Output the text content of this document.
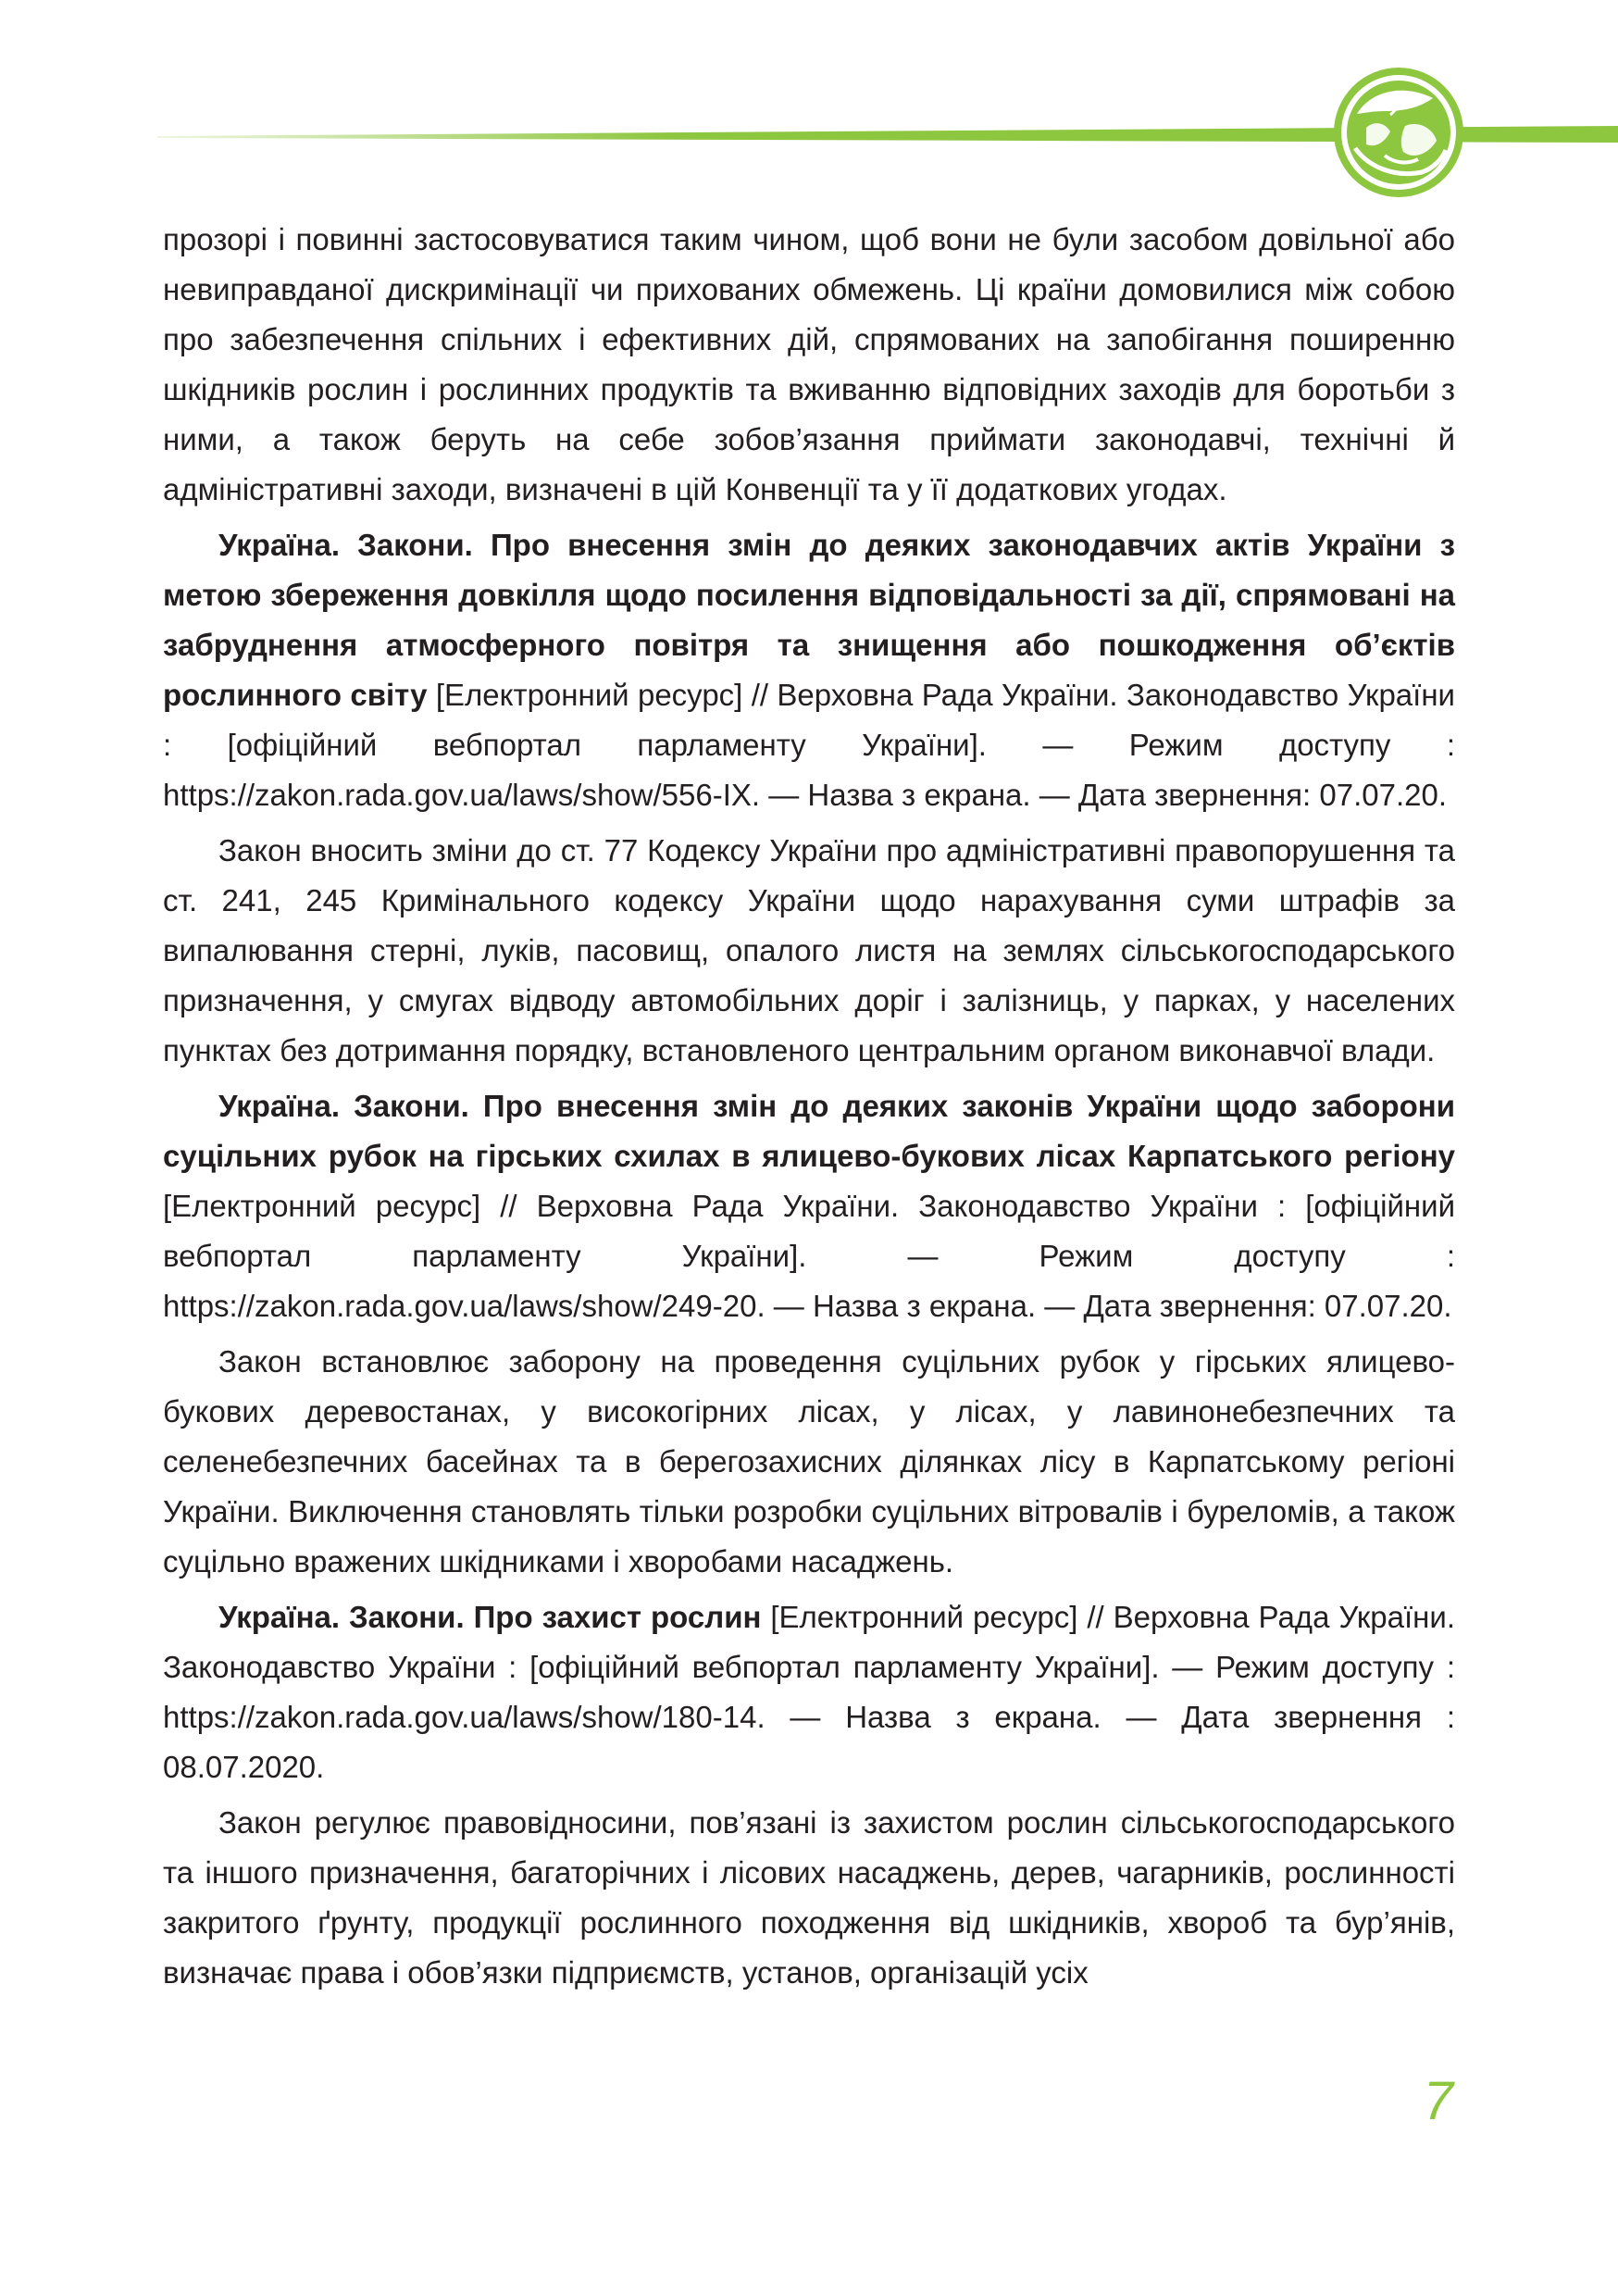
прозорі і повинні застосовуватися таким чином, щоб вони не були засобом довільної або невиправданої дискримінації чи прихованих обмежень. Ці країни домовилися між собою про забезпечення спільних і ефективних дій, спрямованих на запобігання поширенню шкідників рослин і рослинних продуктів та вживанню відповідних заходів для боротьби з ними, а також беруть на себе зобов’язання приймати законодавчі, технічні й адміністративні заходи, визначені в цій Конвенції та у її додаткових угодах.

Україна. Закони. Про внесення змін до деяких законодавчих актів України з метою збереження довкілля щодо посилення відповідальності за дії, спрямовані на забруднення атмосферного повітря та знищення або пошкодження об’єктів рослинного світу [Електронний ресурс] // Верховна Рада України. Законодавство України : [офіційний вебпортал парламенту України]. — Режим доступу : https://zakon.rada.gov.ua/laws/show/556-IX. — Назва з екрана. — Дата звернення: 07.07.20.

Закон вносить зміни до ст. 77 Кодексу України про адміністративні правопорушення та ст. 241, 245 Кримінального кодексу України щодо нарахування суми штрафів за випалювання стерні, луків, пасовищ, опалого листя на землях сільськогосподарського призначення, у смугах відводу автомобільних доріг і залізниць, у парках, у населених пунктах без дотримання порядку, встановленого центральним органом виконавчої влади.

Україна. Закони. Про внесення змін до деяких законів України щодо заборони суцільних рубок на гірських схилах в ялицево-букових лісах Карпатського регіону [Електронний ресурс] // Верховна Рада України. Законодавство України : [офіційний вебпортал парламенту України]. — Режим доступу : https://zakon.rada.gov.ua/laws/show/249-20. — Назва з екрана. — Дата звернення: 07.07.20.

Закон встановлює заборону на проведення суцільних рубок у гірських ялицево-букових деревостанах, у високогірних лісах, у лісах, у лавинонебезпечних та селенебезпечних басейнах та в берегозахисних ділянках лісу в Карпатському регіоні України. Виключення становлять тільки розробки суцільних вітровалів і буреломів, а також суцільно вражених шкідниками і хворобами насаджень.

Україна. Закони. Про захист рослин [Електронний ресурс] // Верховна Рада України. Законодавство України : [офіційний вебпортал парламенту України]. — Режим доступу : https://zakon.rada.gov.ua/laws/show/180-14. — Назва з екрана. — Дата звернення : 08.07.2020.

Закон регулює правовідносини, пов’язані із захистом рослин сільськогосподарського та іншого призначення, багаторічних і лісових насаджень, дерев, чагарників, рослинності закритого ґрунту, продукції рослинного походження від шкідників, хвороб та бур’янів, визначає права і обов’язки підприємств, установ, організацій усіх

7
